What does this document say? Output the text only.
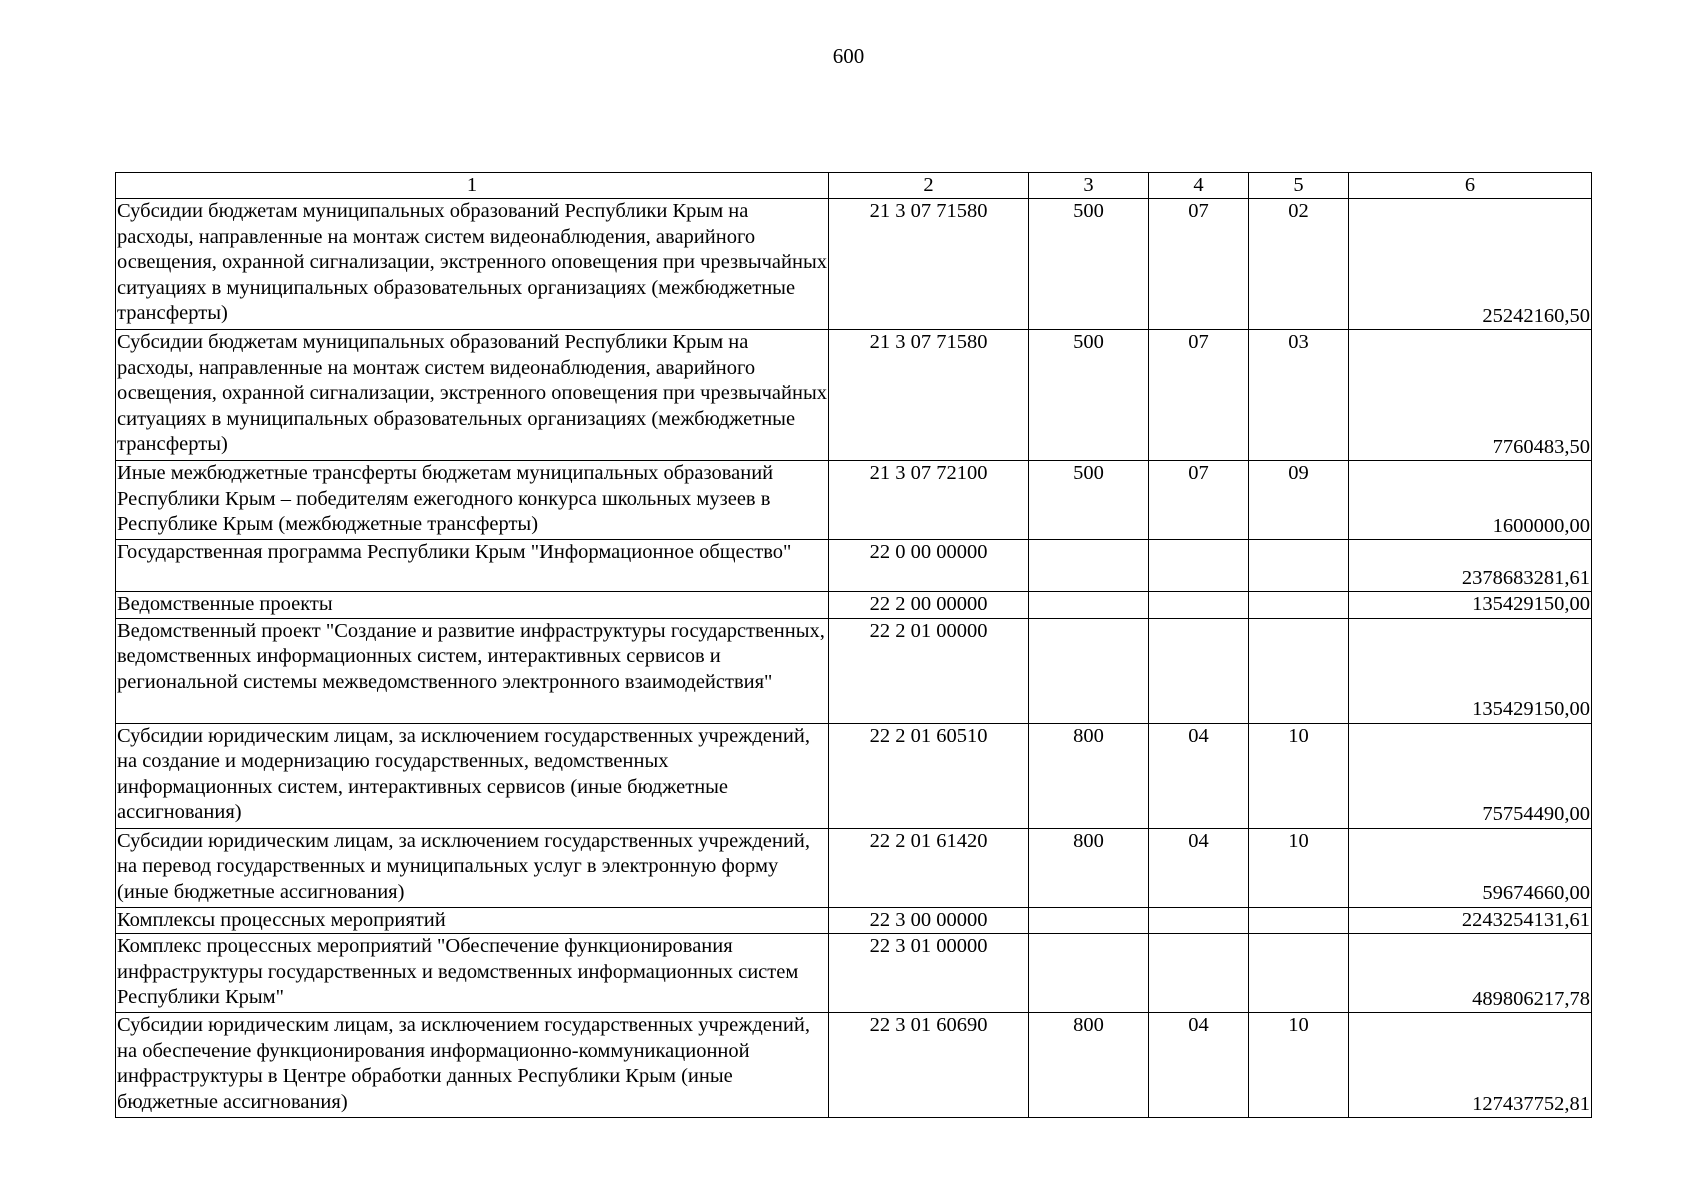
600
1	2	3	4	5	6
Субсидии бюджетам муниципальных образований Республики Крым на расходы, направленные на монтаж систем видеонаблюдения, аварийного освещения, охранной сигнализации, экстренного оповещения при чрезвычайных ситуациях в муниципальных образовательных организациях (межбюджетные трансферты)	21 3 07 71580	500	07	02	25242160,50
Субсидии бюджетам муниципальных образований Республики Крым на расходы, направленные на монтаж систем видеонаблюдения, аварийного освещения, охранной сигнализации, экстренного оповещения при чрезвычайных ситуациях в муниципальных образовательных организациях (межбюджетные трансферты)	21 3 07 71580	500	07	03	7760483,50
Иные межбюджетные трансферты бюджетам муниципальных образований Республики Крым – победителям ежегодного конкурса школьных музеев в Республике Крым (межбюджетные трансферты)	21 3 07 72100	500	07	09	1600000,00
Государственная программа Республики Крым "Информационное общество"	22 0 00 00000				2378683281,61
Ведомственные проекты	22 2 00 00000				135429150,00
Ведомственный проект "Создание и развитие инфраструктуры государственных, ведомственных информационных систем, интерактивных сервисов и региональной системы межведомственного электронного взаимодействия"	22 2 01 00000				135429150,00
Субсидии юридическим лицам, за исключением государственных учреждений, на создание и модернизацию государственных, ведомственных информационных систем, интерактивных сервисов (иные бюджетные ассигнования)	22 2 01 60510	800	04	10	75754490,00
Субсидии юридическим лицам, за исключением государственных учреждений, на перевод государственных и муниципальных услуг в электронную форму (иные бюджетные ассигнования)	22 2 01 61420	800	04	10	59674660,00
Комплексы процессных мероприятий	22 3 00 00000				2243254131,61
Комплекс процессных мероприятий "Обеспечение функционирования инфраструктуры государственных и ведомственных информационных систем Республики Крым"	22 3 01 00000				489806217,78
Субсидии юридическим лицам, за исключением государственных учреждений, на обеспечение функционирования информационно-коммуникационной инфраструктуры в Центре обработки данных Республики Крым (иные бюджетные ассигнования)	22 3 01 60690	800	04	10	127437752,81
